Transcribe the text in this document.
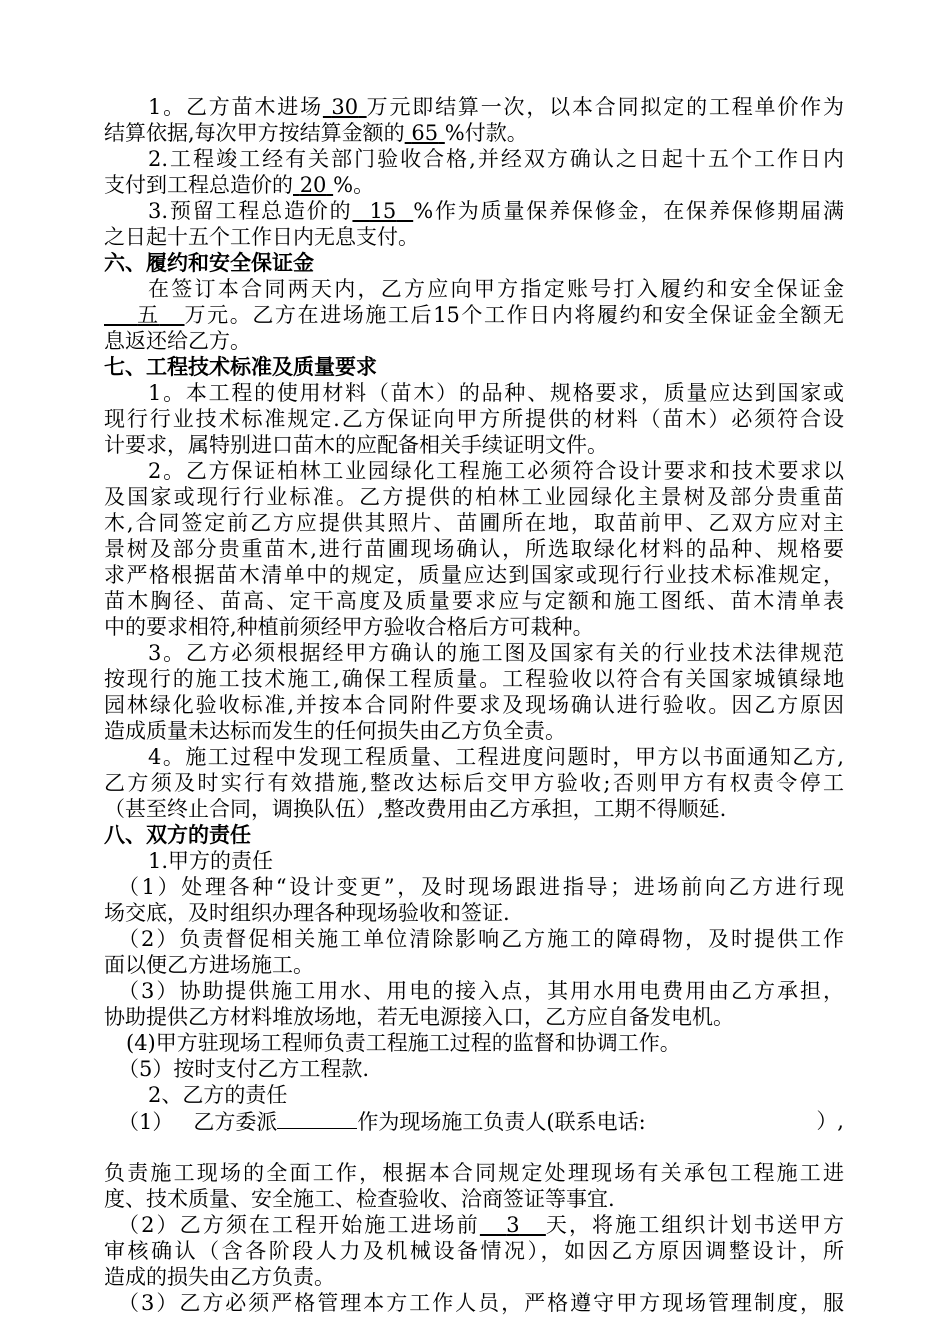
1。乙方苗木进场 30 万元即结算一次，以本合同拟定的工程单价作为
结算依据,每次甲方按结算金额的 65 %付款。
2.工程竣工经有关部门验收合格,并经双方确认之日起十五个工作日内
支付到工程总造价的 20 %。
3.预留工程总造价的 15 %作为质量保养保修金，在保养保修期届满
之日起十五个工作日内无息支付。
六、履约和安全保证金
在签订本合同两天内，乙方应向甲方指定账号打入履约和安全保证金
五 万元。乙方在进场施工后15个工作日内将履约和安全保证金全额无
息返还给乙方。
七、工程技术标准及质量要求
1。本工程的使用材料（苗木）的品种、规格要求，质量应达到国家或
现行行业技术标准规定.乙方保证向甲方所提供的材料（苗木）必须符合设
计要求，属特别进口苗木的应配备相关手续证明文件。
2。乙方保证柏林工业园绿化工程施工必须符合设计要求和技术要求以
及国家或现行行业标准。乙方提供的柏林工业园绿化主景树及部分贵重苗
木,合同签定前乙方应提供其照片、苗圃所在地，取苗前甲、乙双方应对主
景树及部分贵重苗木,进行苗圃现场确认，所选取绿化材料的品种、规格要
求严格根据苗木清单中的规定，质量应达到国家或现行行业技术标准规定，
苗木胸径、苗高、定干高度及质量要求应与定额和施工图纸、苗木清单表
中的要求相符,种植前须经甲方验收合格后方可栽种。
3。乙方必须根据经甲方确认的施工图及国家有关的行业技术法律规范
按现行的施工技术施工,确保工程质量。工程验收以符合有关国家城镇绿地
园林绿化验收标准,并按本合同附件要求及现场确认进行验收。因乙方原因
造成质量未达标而发生的任何损失由乙方负全责。
4。施工过程中发现工程质量、工程进度问题时，甲方以书面通知乙方,
乙方须及时实行有效措施,整改达标后交甲方验收;否则甲方有权责令停工
（甚至终止合同，调换队伍）,整改费用由乙方承担，工期不得顺延.
八、双方的责任
1.甲方的责任
（1）处理各种“设计变更”，及时现场跟进指导；进场前向乙方进行现
场交底，及时组织办理各种现场验收和签证.
（2）负责督促相关施工单位清除影响乙方施工的障碍物，及时提供工作
面以便乙方进场施工。
（3）协助提供施工用水、用电的接入点，其用水用电费用由乙方承担，
协助提供乙方材料堆放场地，若无电源接入口，乙方应自备发电机。
(4)甲方驻现场工程师负责工程施工过程的监督和协调工作。
（5）按时支付乙方工程款.
2、乙方的责任
（1） 乙方委派	作为现场施工负责人(联系电话:	）,
负责施工现场的全面工作，根据本合同规定处理现场有关承包工程施工进
度、技术质量、安全施工、检查验收、洽商签证等事宜.
（2）乙方须在工程开始施工进场前 3 天，将施工组织计划书送甲方
审核确认（含各阶段人力及机械设备情况），如因乙方原因调整设计，所
造成的损失由乙方负责。
（3）乙方必须严格管理本方工作人员，严格遵守甲方现场管理制度，服
